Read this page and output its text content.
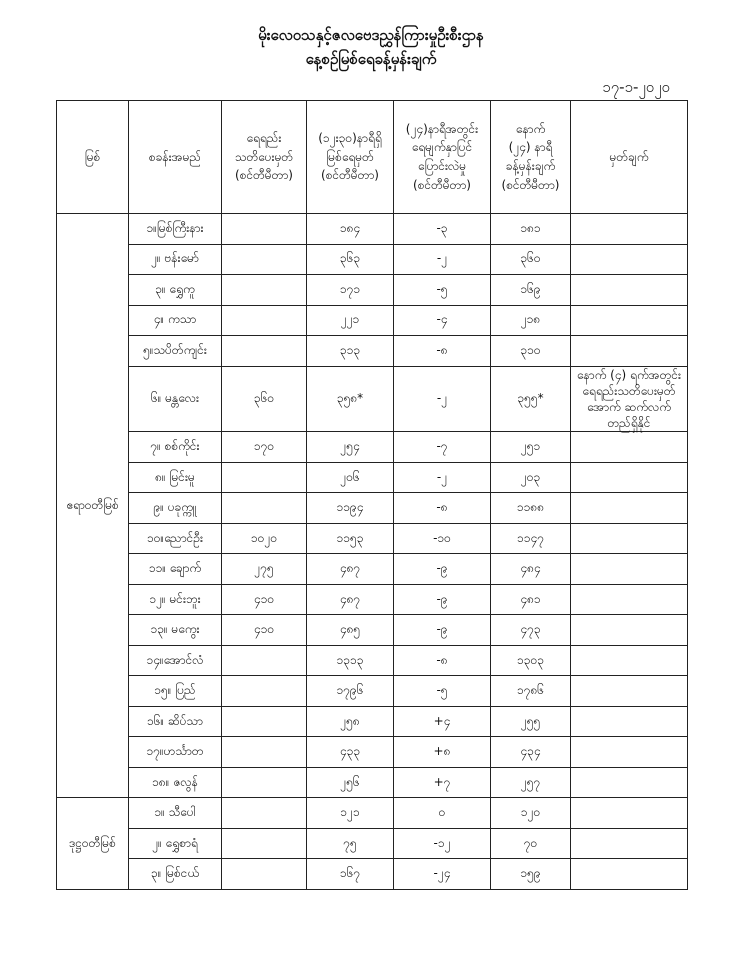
မိုးလေဝသနှင့်ဇလဗေဒညွှန်ကြားမှုဦးစီးဌာန
နေ့စဉ်မြစ်ရေခန့်မှန်းချက်
၁၇-၁-၂၀၂၀
မြစ်	စခန်းအမည်	ရေရည်း
သတိပေးမှတ်
(စင်တီမီတာ)	(၁၂း၃၀)နာရီရှိ
မြစ်ရေမှတ်
(စင်တီမီတာ)	(၂၄)နာရီအတွင်း
ရေမျက်နှာပြင်
ပြောင်းလဲမှု
(စင်တီမီတာ)	နောက်
(၂၄) နာရီ
ခန့်မှန်းချက်
(စင်တီမီတာ)	မှတ်ချက်
ဧရာဝတီမြစ်	၁။မြစ်ကြီးနား		၁၈၄	-၃	၁၈၁	
	၂။ ဗန်းမော်		၃၆၃	-၂	၃၆၀	
	၃။ ရွှေကူ		၁၇၁	-၅	၁၆၉	
	၄။ ကသာ		၂၂၁	-၄	၂၁၈	
	၅။သပိတ်ကျင်း		၃၁၃	-၈	၃၁၀	
	၆။ မန္တလေး	၃၆၀	၃၅၈*	-၂	၃၅၅*	နောက် (၄) ရက်အတွင်း ရေရည်းသတိပေးမှတ်အောက် ဆက်လက်တည်ရှိနိုင်
	၇။ စစ်ကိုင်း	၁၇၀	၂၅၄	-၇	၂၅၁	
	၈။ မြင်းမူ		၂၀၆	-၂	၂၀၃	
	၉။ ပခုက္ကူ		၁၁၉၄	-၈	၁၁၈၈	
	၁၀။ညောင်ဦး	၁၀၂၀	၁၁၅၃	-၁၀	၁၁၄၇	
	၁၁။ ချောက်	၂၇၅	၄၈၇	-၉	၄၈၄	
	၁၂။ မင်းဘူး	၄၁၀	၄၈၇	-၉	၄၈၁	
	၁၃။ မကွေး	၄၁၀	၄၈၅	-၉	၄၇၃	
	၁၄။အောင်လံ		၁၃၁၃	-၈	၁၃၀၃	
	၁၅။ ပြည်		၁၇၉၆	-၅	၁၇၈၆	
	၁၆။ ဆိပ်သာ		၂၅၈	+၄	၂၅၅	
	၁၇။ဟင်္သာတ		၄၃၃	+၈	၄၃၄	
	၁၈။ ဇလွန်		၂၅၆	+၇	၂၅၇	
ဒုဋ္ဌဝတီမြစ်	၁။ သီပေါ		၁၂၁	၀	၁၂၀	
	၂။ ရွှေစာရံ		၇၅	-၁၂	၇၀	
	၃။ မြစ်ငယ်		၁၆၇	-၂၄	၁၅၉	
